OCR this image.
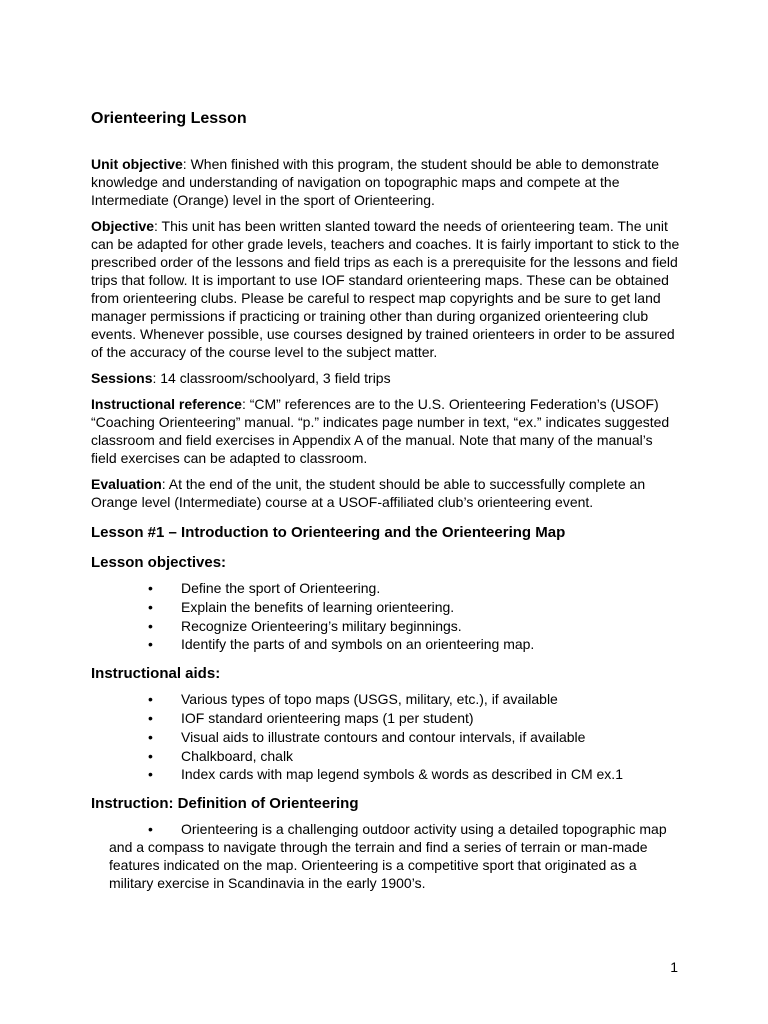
Orienteering Lesson

Unit objective: When finished with this program, the student should be able to demonstrate knowledge and understanding of navigation on topographic maps and compete at the Intermediate (Orange) level in the sport of Orienteering.

Objective: This unit has been written slanted toward the needs of orienteering team. The unit can be adapted for other grade levels, teachers and coaches. It is fairly important to stick to the prescribed order of the lessons and field trips as each is a prerequisite for the lessons and field trips that follow. It is important to use IOF standard orienteering maps. These can be obtained from orienteering clubs. Please be careful to respect map copyrights and be sure to get land manager permissions if practicing or training other than during organized orienteering club events. Whenever possible, use courses designed by trained orienteers in order to be assured of the accuracy of the course level to the subject matter.

Sessions: 14 classroom/schoolyard, 3 field trips

Instructional reference: “CM” references are to the U.S. Orienteering Federation’s (USOF) “Coaching Orienteering” manual. “p.” indicates page number in text, “ex.” indicates suggested classroom and field exercises in Appendix A of the manual. Note that many of the manual’s field exercises can be adapted to classroom.

Evaluation: At the end of the unit, the student should be able to successfully complete an Orange level (Intermediate) course at a USOF-affiliated club’s orienteering event.

Lesson #1 – Introduction to Orienteering and the Orienteering Map
Lesson objectives:
• Define the sport of Orienteering.
• Explain the benefits of learning orienteering.
• Recognize Orienteering’s military beginnings.
• Identify the parts of and symbols on an orienteering map.
Instructional aids:
• Various types of topo maps (USGS, military, etc.), if available
• IOF standard orienteering maps (1 per student)
• Visual aids to illustrate contours and contour intervals, if available
• Chalkboard, chalk
• Index cards with map legend symbols & words as described in CM ex.1
Instruction: Definition of Orienteering

• Orienteering is a challenging outdoor activity using a detailed topographic map and a compass to navigate through the terrain and find a series of terrain or man-made features indicated on the map. Orienteering is a competitive sport that originated as a military exercise in Scandinavia in the early 1900’s.

1
